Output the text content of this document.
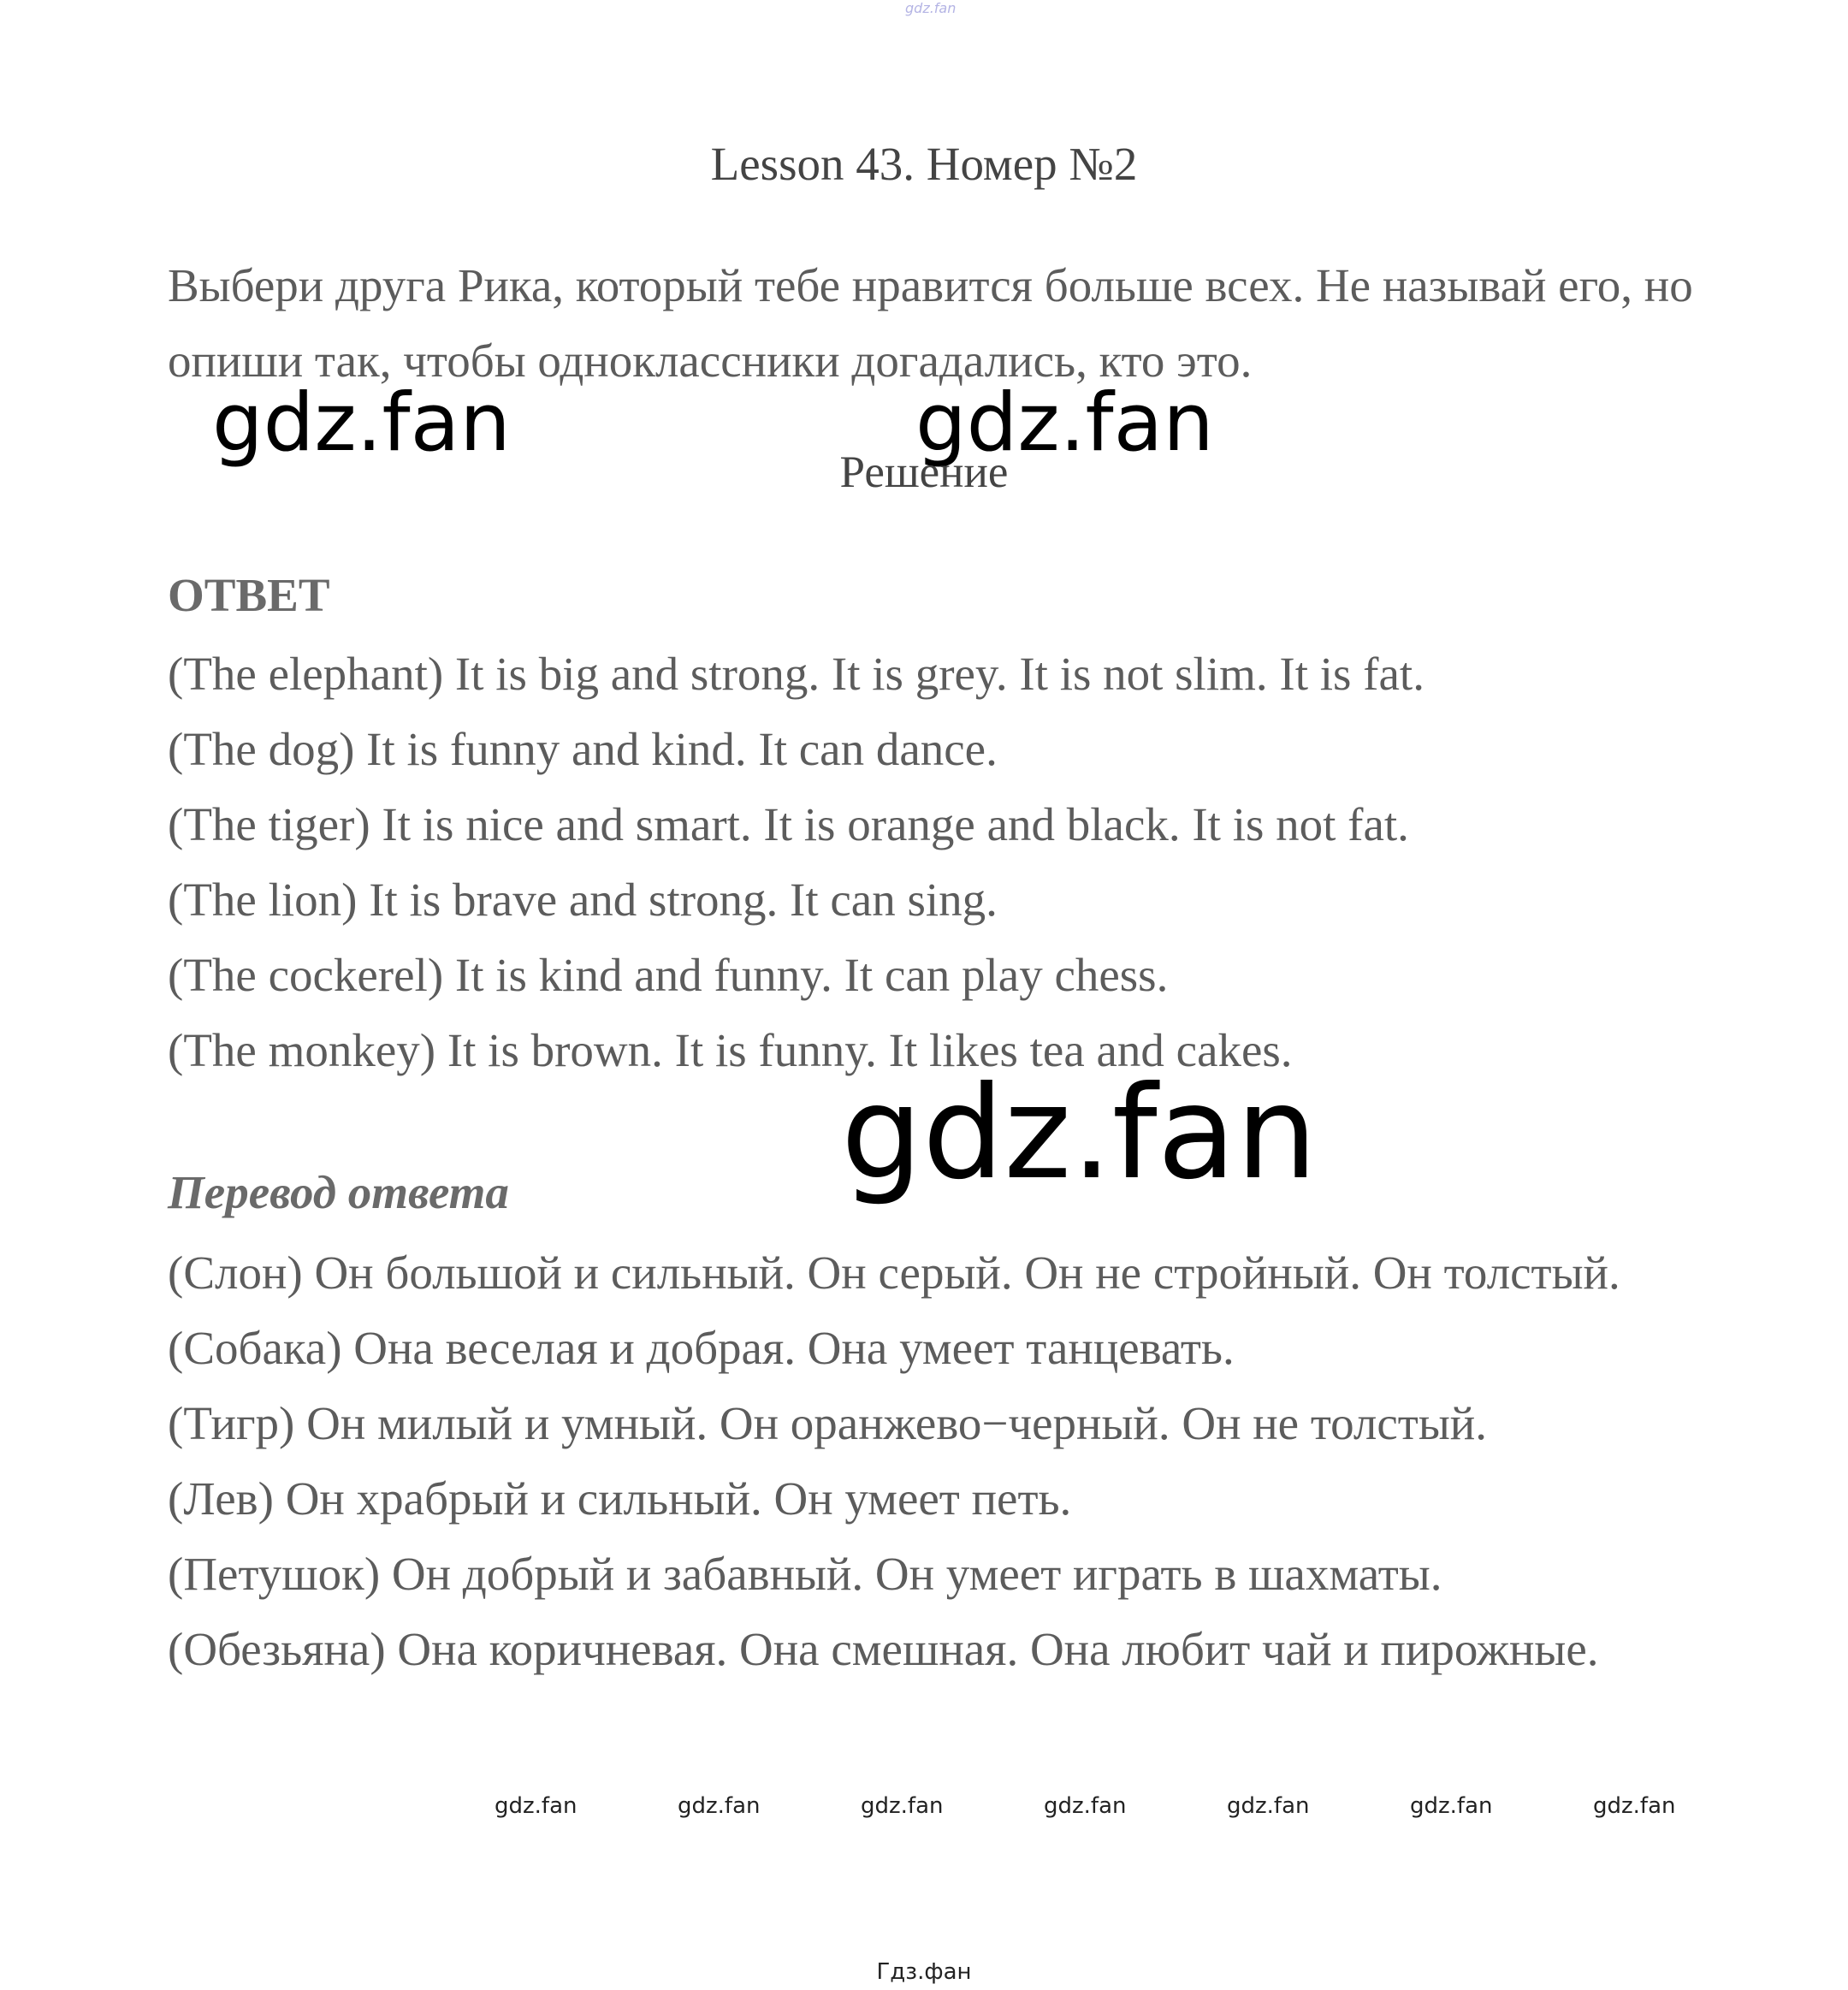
gdz.fan
Lesson 43. Номер №2
Выбери друга Рика, который тебе нравится больше всех. Не называй его, но опиши так, чтобы одноклассники догадались, кто это.
gdz.fan	gdz.fan
Решение
ОТВЕТ
(The elephant) It is big and strong. It is grey. It is not slim. It is fat.
(The dog) It is funny and kind. It can dance.
(The tiger) It is nice and smart. It is orange and black. It is not fat.
(The lion) It is brave and strong. It can sing.
(The cockerel) It is kind and funny. It can play chess.
(The monkey) It is brown. It is funny. It likes tea and cakes.
gdz.fan
Перевод ответа
(Слон) Он большой и сильный. Он серый. Он не стройный. Он толстый.
(Собака) Она веселая и добрая. Она умеет танцевать.
(Тигр) Он милый и умный. Он оранжево−черный. Он не толстый.
(Лев) Он храбрый и сильный. Он умеет петь.
(Петушок) Он добрый и забавный. Он умеет играть в шахматы.
(Обезьяна) Она коричневая. Она смешная. Она любит чай и пирожные.
gdz.fan	gdz.fan	gdz.fan	gdz.fan	gdz.fan	gdz.fan	gdz.fan
Гдз.фан
